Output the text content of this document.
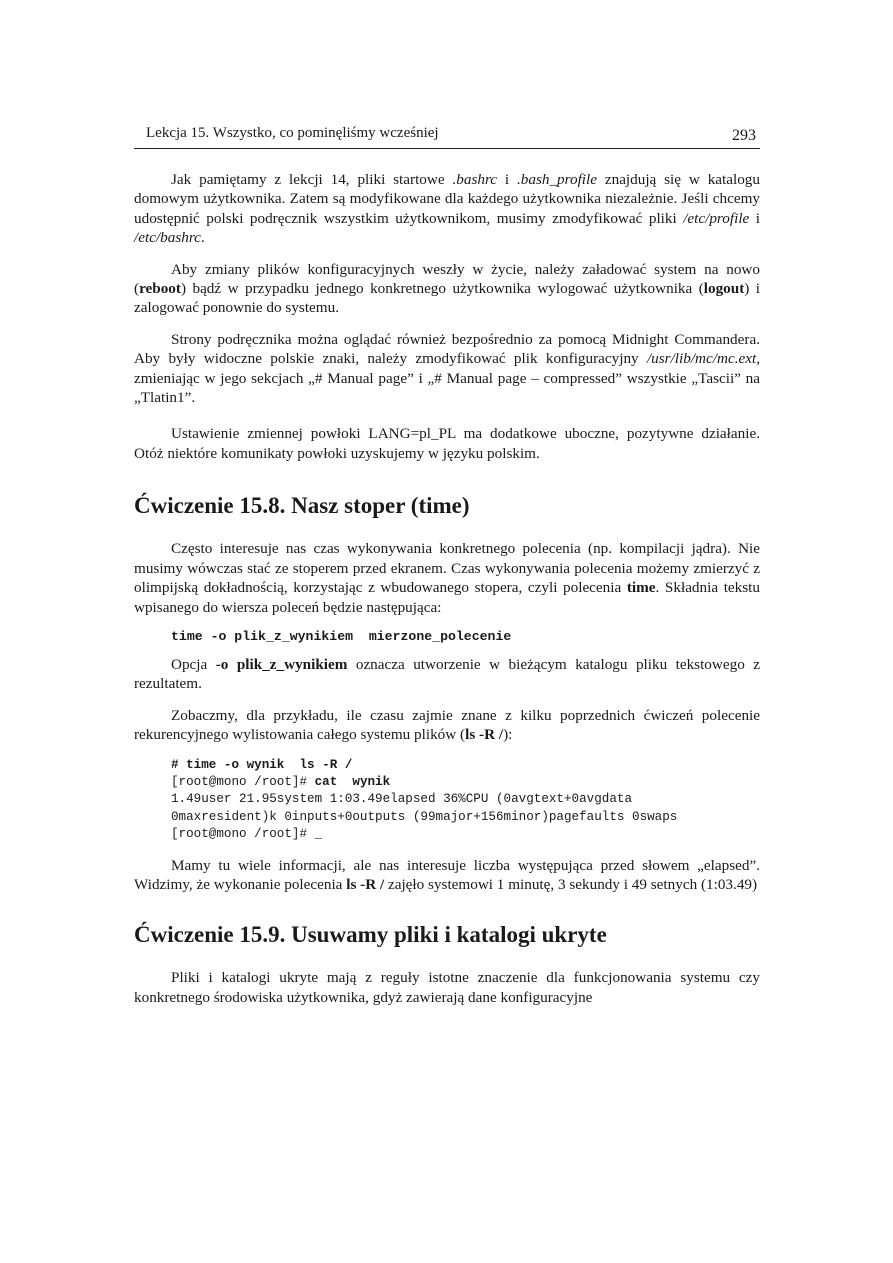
Lekcja 15. Wszystko, co pominęliśmy wcześniej	293

Jak pamiętamy z lekcji 14, pliki startowe .bashrc i .bash_profile znajdują się w katalogu domowym użytkownika. Zatem są modyfikowane dla każdego użytkownika niezależnie. Jeśli chcemy udostępnić polski podręcznik wszystkim użytkownikom, musimy zmodyfikować pliki /etc/profile i /etc/bashrc.

Aby zmiany plików konfiguracyjnych weszły w życie, należy załadować system na nowo (reboot) bądź w przypadku jednego konkretnego użytkownika wylogować użytkownika (logout) i zalogować ponownie do systemu.

Strony podręcznika można oglądać również bezpośrednio za pomocą Midnight Commandera. Aby były widoczne polskie znaki, należy zmodyfikować plik konfiguracyjny /usr/lib/mc/mc.ext, zmieniając w jego sekcjach „# Manual page” i „# Manual page – compressed” wszystkie „Tascii” na „Tlatin1”.

Ustawienie zmiennej powłoki LANG=pl_PL ma dodatkowe uboczne, pozytywne działanie. Otóż niektóre komunikaty powłoki uzyskujemy w języku polskim.

Ćwiczenie 15.8. Nasz stoper (time)

Często interesuje nas czas wykonywania konkretnego polecenia (np. kompilacji jądra). Nie musimy wówczas stać ze stoperem przed ekranem. Czas wykonywania polecenia możemy zmierzyć z olimpijską dokładnością, korzystając z wbudowanego stopera, czyli polecenia time. Składnia tekstu wpisanego do wiersza poleceń będzie następująca:

time -o plik_z_wynikiem  mierzone_polecenie

Opcja -o plik_z_wynikiem oznacza utworzenie w bieżącym katalogu pliku tekstowego z rezultatem.

Zobaczmy, dla przykładu, ile czasu zajmie znane z kilku poprzednich ćwiczeń polecenie rekurencyjnego wylistowania całego systemu plików (ls -R /):

# time -o wynik  ls -R /
[root@mono /root]# cat  wynik
1.49user 21.95system 1:03.49elapsed 36%CPU (0avgtext+0avgdata
0maxresident)k 0inputs+0outputs (99major+156minor)pagefaults 0swaps
[root@mono /root]# _

Mamy tu wiele informacji, ale nas interesuje liczba występująca przed słowem „elapsed”. Widzimy, że wykonanie polecenia ls -R / zajęło systemowi 1 minutę, 3 sekundy i 49 setnych (1:03.49)

Ćwiczenie 15.9. Usuwamy pliki i katalogi ukryte

Pliki i katalogi ukryte mają z reguły istotne znaczenie dla funkcjonowania systemu czy konkretnego środowiska użytkownika, gdyż zawierają dane konfiguracyjne
